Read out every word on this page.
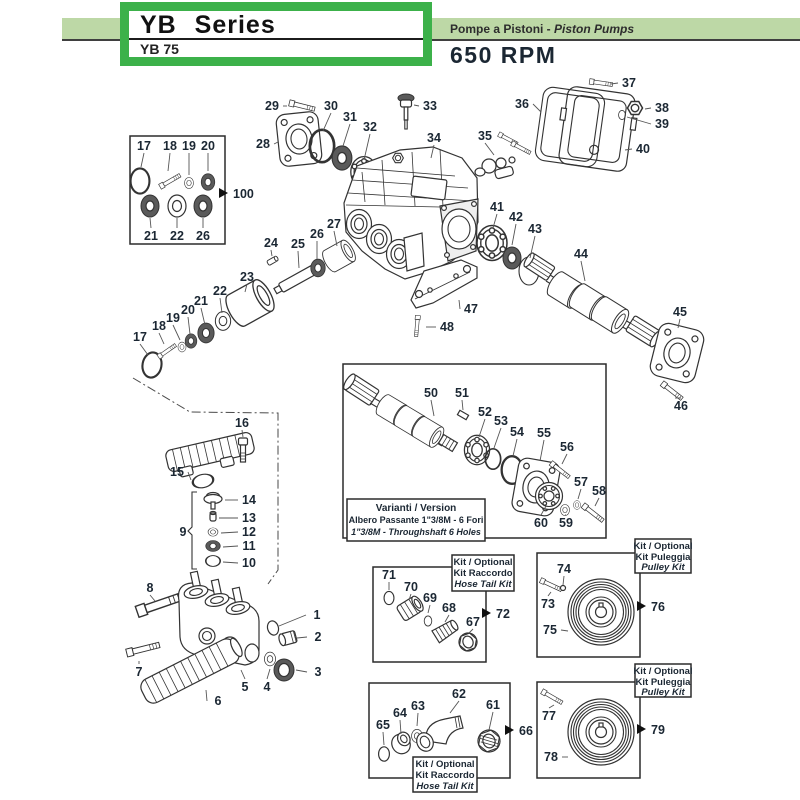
Varianti / Version
Albero Passante 1"3/8M - 6 Fori
1"3/8M - Throughshaft 6 Holes
Kit / Optional
Kit Raccordo
Hose Tail Kit
Kit / Optional
Kit Raccordo
Hose Tail Kit
Kit / Optional
Kit Puleggia
Pulley Kit
Kit / Optional
Kit Puleggia
Pulley Kit
17 18 19 20
21 22 26
100
28
29	30
31
32
33
34	35
36
37
38
39
40
41
42
43
44
45
46
47
48
23
24 25
26
27
17
18
19
20
21
22
16
15
14
13
12
11
10
9
8
7
6
5 4
1
2
3
50 51
52
53
54 55
56
57
58
59
60
71
70
69
68
67
72
65
64 63
62
61
66
73
74
75
76
77
78
79
Pompe a Pistoni - Piston Pumps
YB Series
YB 75	650 RPM
